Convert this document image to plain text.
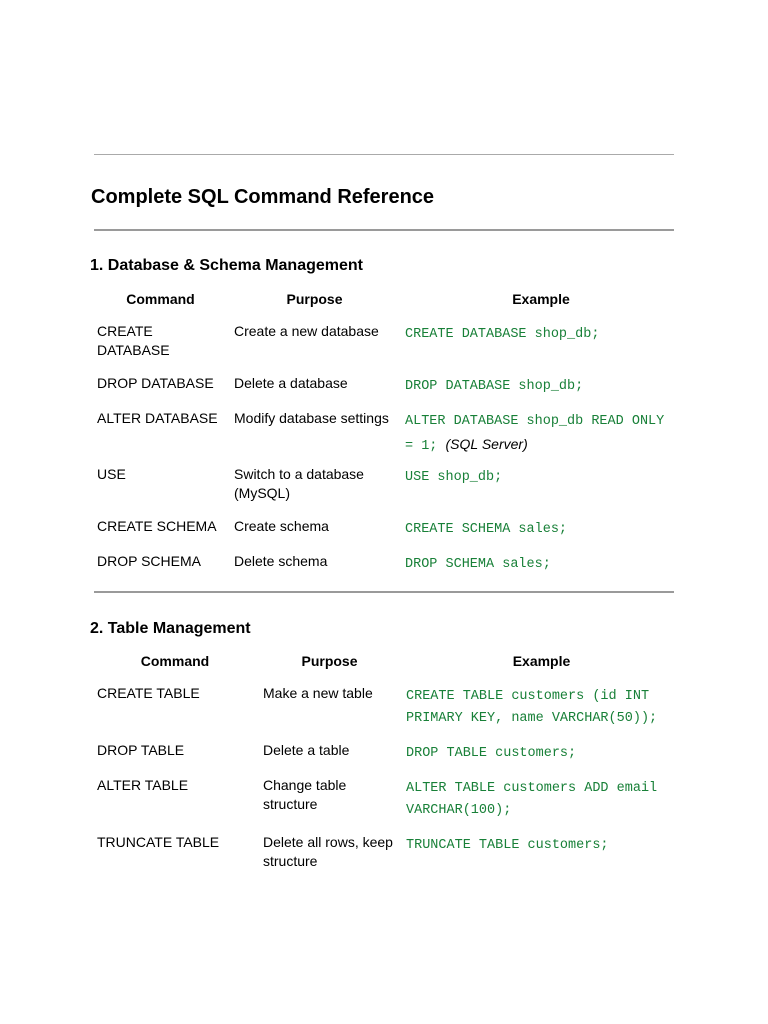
Complete SQL Command Reference
1. Database & Schema Management
Command	Purpose	Example
CREATE DATABASE	Create a new database	CREATE DATABASE shop_db;
DROP DATABASE	Delete a database	DROP DATABASE shop_db;
ALTER DATABASE	Modify database settings	ALTER DATABASE shop_db READ ONLY = 1; (SQL Server)
USE	Switch to a database (MySQL)	USE shop_db;
CREATE SCHEMA	Create schema	CREATE SCHEMA sales;
DROP SCHEMA	Delete schema	DROP SCHEMA sales;
2. Table Management
Command	Purpose	Example
CREATE TABLE	Make a new table	CREATE TABLE customers (id INT PRIMARY KEY, name VARCHAR(50));
DROP TABLE	Delete a table	DROP TABLE customers;
ALTER TABLE	Change table structure	ALTER TABLE customers ADD email VARCHAR(100);
TRUNCATE TABLE	Delete all rows, keep structure	TRUNCATE TABLE customers;
